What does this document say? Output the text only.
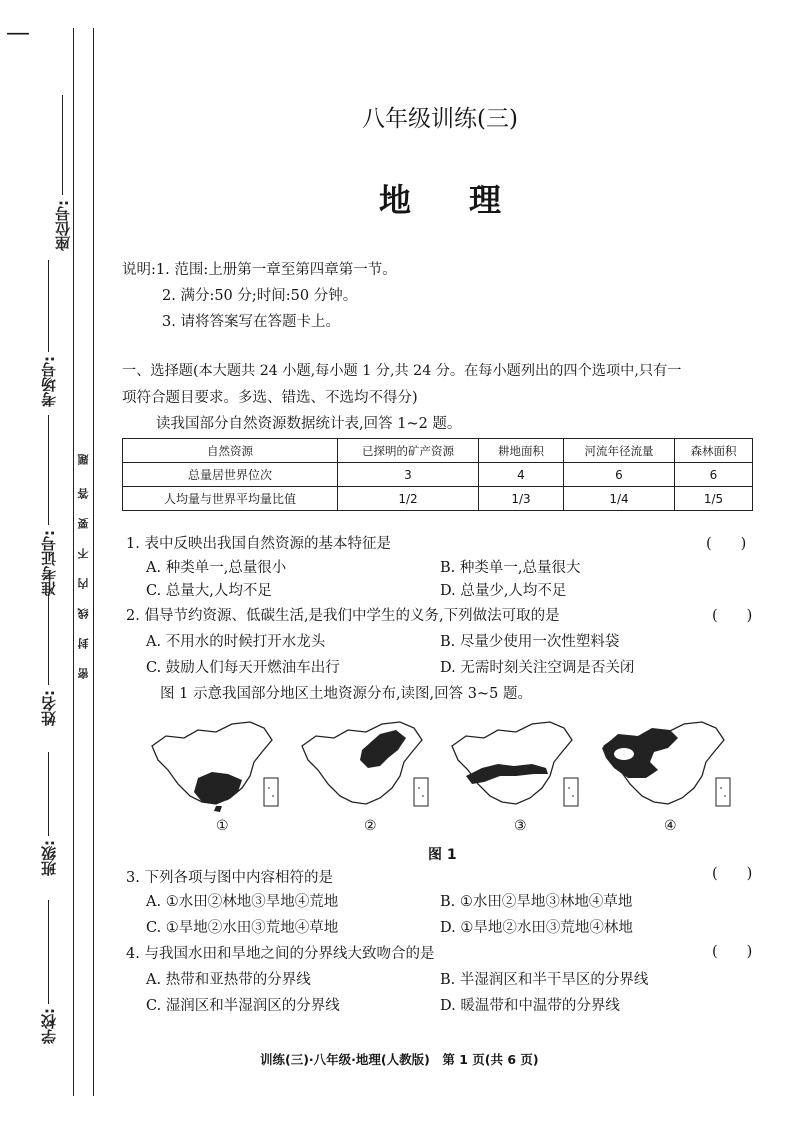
—
座位号:
考场号:
准考证号:
姓名:
班级:
学校:
密
封
线
内
不
要
答
题
八年级训练(三)
地理
说明:1. 范围:上册第一章至第四章第一节。
2. 满分:50 分;时间:50 分钟。
3. 请将答案写在答题卡上。
一、选择题(本大题共 24 小题,每小题 1 分,共 24 分。在每小题列出的四个选项中,只有一
项符合题目要求。多选、错选、不选均不得分)
读我国部分自然资源数据统计表,回答 1~2 题。
自然资源	已探明的矿产资源	耕地面积	河流年径流量	森林面积
总量居世界位次	3	4	6	6
人均量与世界平均量比值	1/2	1/3	1/4	1/5
1. 表中反映出我国自然资源的基本特征是	(　　)
A. 种类单一,总量很小	B. 种类单一,总量很大
C. 总量大,人均不足	D. 总量少,人均不足
2. 倡导节约资源、低碳生活,是我们中学生的义务,下列做法可取的是	(　　)
A. 不用水的时候打开水龙头	B. 尽量少使用一次性塑料袋
C. 鼓励人们每天开燃油车出行	D. 无需时刻关注空调是否关闭
图 1 示意我国部分地区土地资源分布,读图,回答 3~5 题。
①	②	③	④
图 1
3. 下列各项与图中内容相符的是	(　　)
A. ①水田②林地③旱地④荒地	B. ①水田②旱地③林地④草地
C. ①旱地②水田③荒地④草地	D. ①旱地②水田③荒地④林地
4. 与我国水田和旱地之间的分界线大致吻合的是	(　　)
A. 热带和亚热带的分界线	B. 半湿润区和半干旱区的分界线
C. 湿润区和半湿润区的分界线	D. 暖温带和中温带的分界线
训练(三)·八年级·地理(人教版)　第 1 页(共 6 页)
